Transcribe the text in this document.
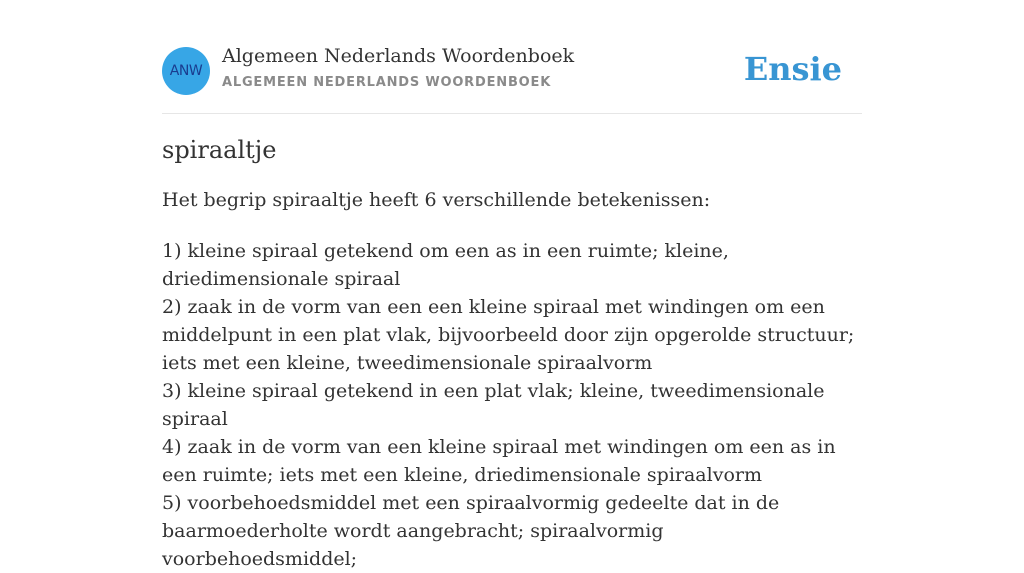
ANW
Algemeen Nederlands Woordenboek
ALGEMEEN NEDERLANDS WOORDENBOEK	Ensie
spiraaltje

Het begrip spiraaltje heeft 6 verschillende betekenissen:

1) kleine spiraal getekend om een as in een ruimte; kleine, driedimensionale spiraal
2) zaak in de vorm van een een kleine spiraal met windingen om een middelpunt in een plat vlak, bijvoorbeeld door zijn opgerolde structuur; iets met een kleine, tweedimensionale spiraalvorm
3) kleine spiraal getekend in een plat vlak; kleine, tweedimensionale spiraal
4) zaak in de vorm van een kleine spiraal met windingen om een as in een ruimte; iets met een kleine, driedimensionale spiraalvorm
5) voorbehoedsmiddel met een spiraalvormig gedeelte dat in de baarmoederholte wordt aangebracht; spiraalvormig voorbehoedsmiddel;
